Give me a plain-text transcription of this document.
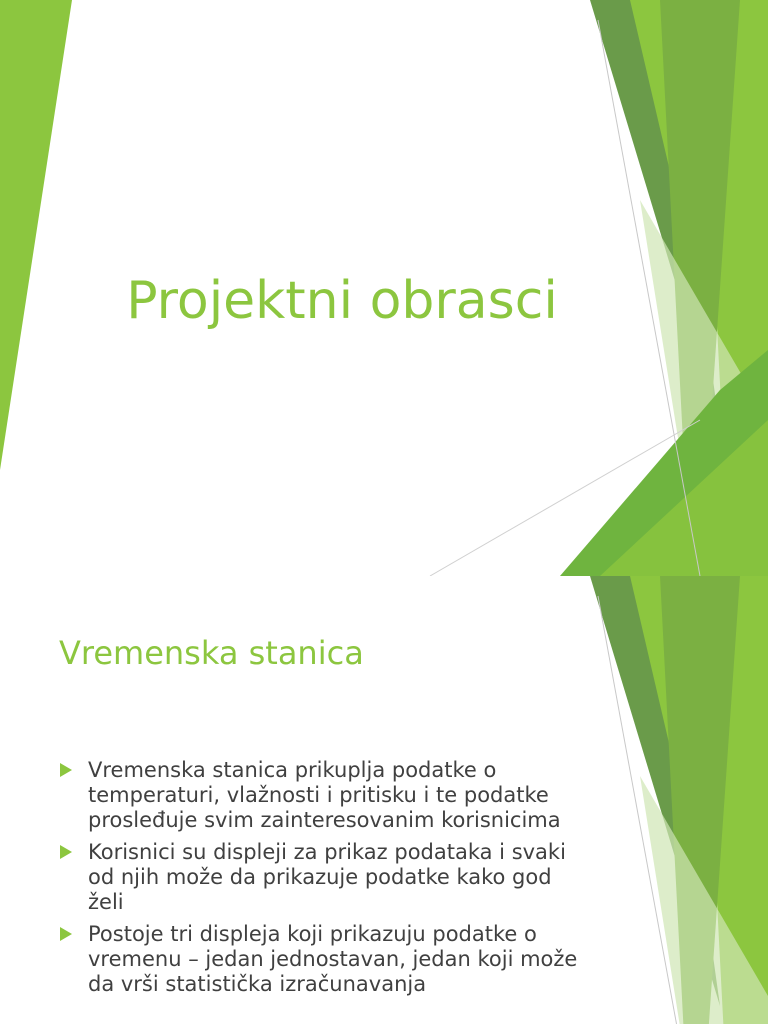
Projektni obrasci
Vremenska stanica
Vremenska stanica prikuplja podatke o temperaturi, vlažnosti i pritisku i te podatke prosleđuje svim zainteresovanim korisnicima
Korisnici su displeji za prikaz podataka i svaki od njih može da prikazuje podatke kako god želi
Postoje tri displeja koji prikazuju podatke o vremenu – jedan jednostavan, jedan koji može da vrši statistička izračunavanja
